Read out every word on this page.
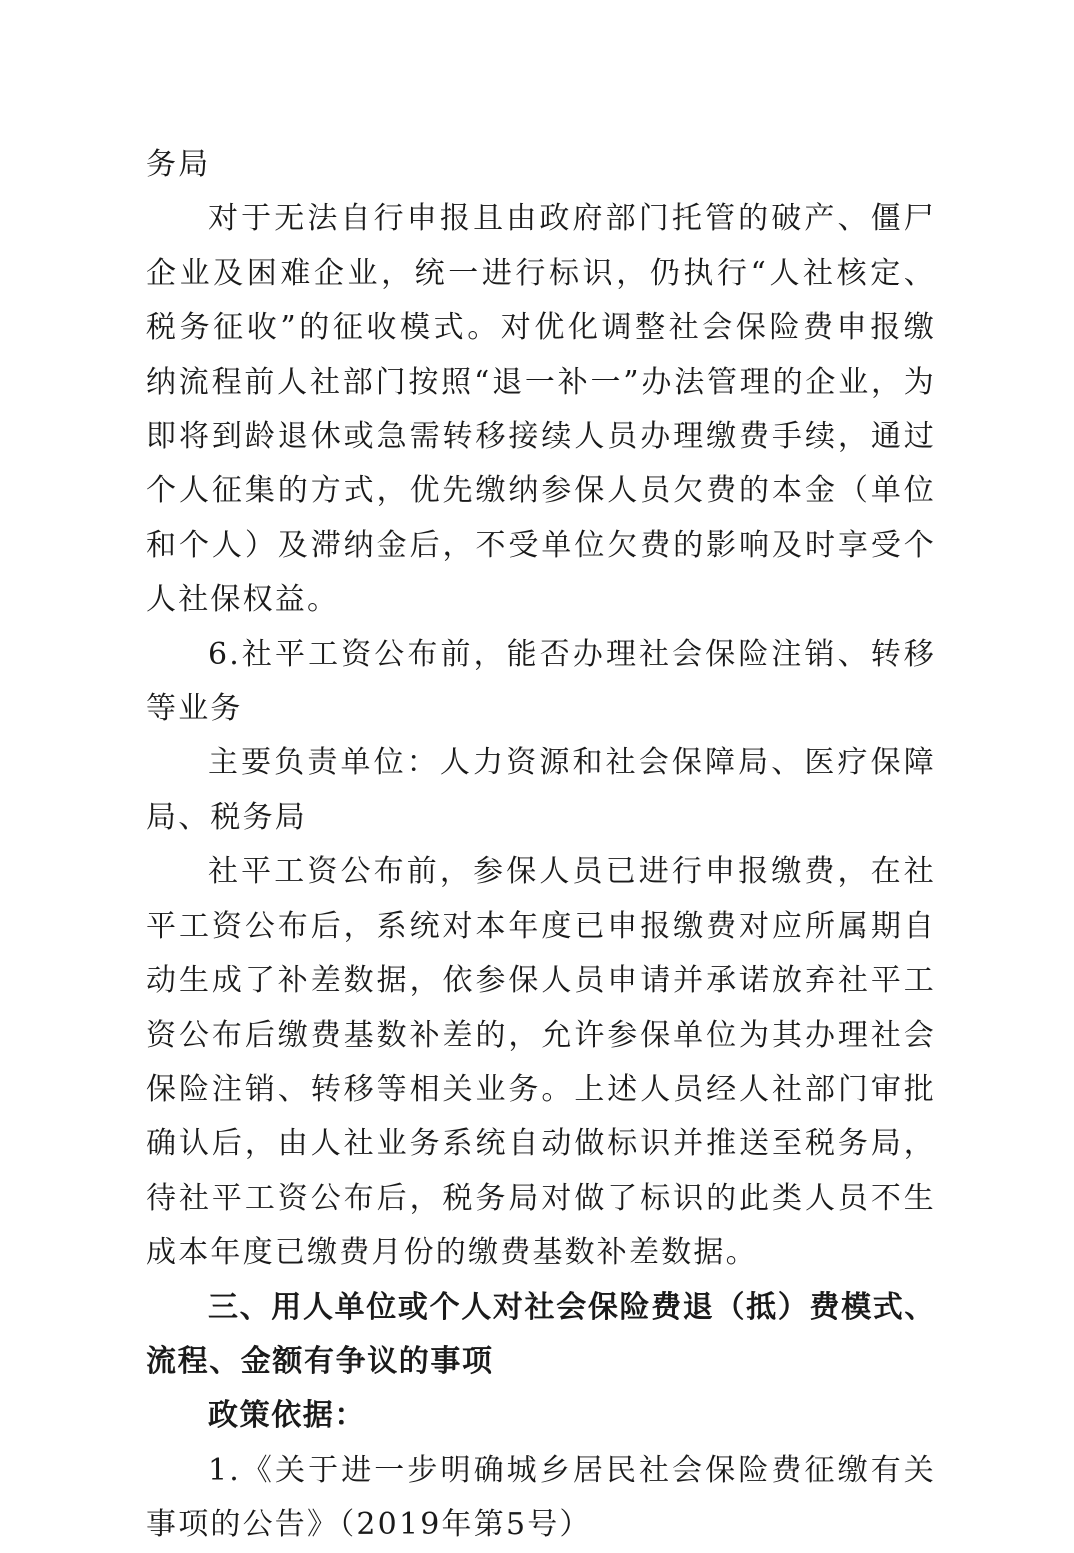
务局

对于无法自行申报且由政府部门托管的破产、僵尸企业及困难企业，统一进行标识，仍执行“人社核定、税务征收”的征收模式。对优化调整社会保险费申报缴纳流程前人社部门按照“退一补一”办法管理的企业，为即将到龄退休或急需转移接续人员办理缴费手续，通过个人征集的方式，优先缴纳参保人员欠费的本金（单位和个人）及滞纳金后，不受单位欠费的影响及时享受个人社保权益。

6.社平工资公布前，能否办理社会保险注销、转移等业务

主要负责单位：人力资源和社会保障局、医疗保障局、税务局

社平工资公布前，参保人员已进行申报缴费，在社平工资公布后，系统对本年度已申报缴费对应所属期自动生成了补差数据，依参保人员申请并承诺放弃社平工资公布后缴费基数补差的，允许参保单位为其办理社会保险注销、转移等相关业务。上述人员经人社部门审批确认后，由人社业务系统自动做标识并推送至税务局，待社平工资公布后，税务局对做了标识的此类人员不生成本年度已缴费月份的缴费基数补差数据。

三、用人单位或个人对社会保险费退（抵）费模式、流程、金额有争议的事项

政策依据：

1.《关于进一步明确城乡居民社会保险费征缴有关事项的公告》（2019年第5号）
